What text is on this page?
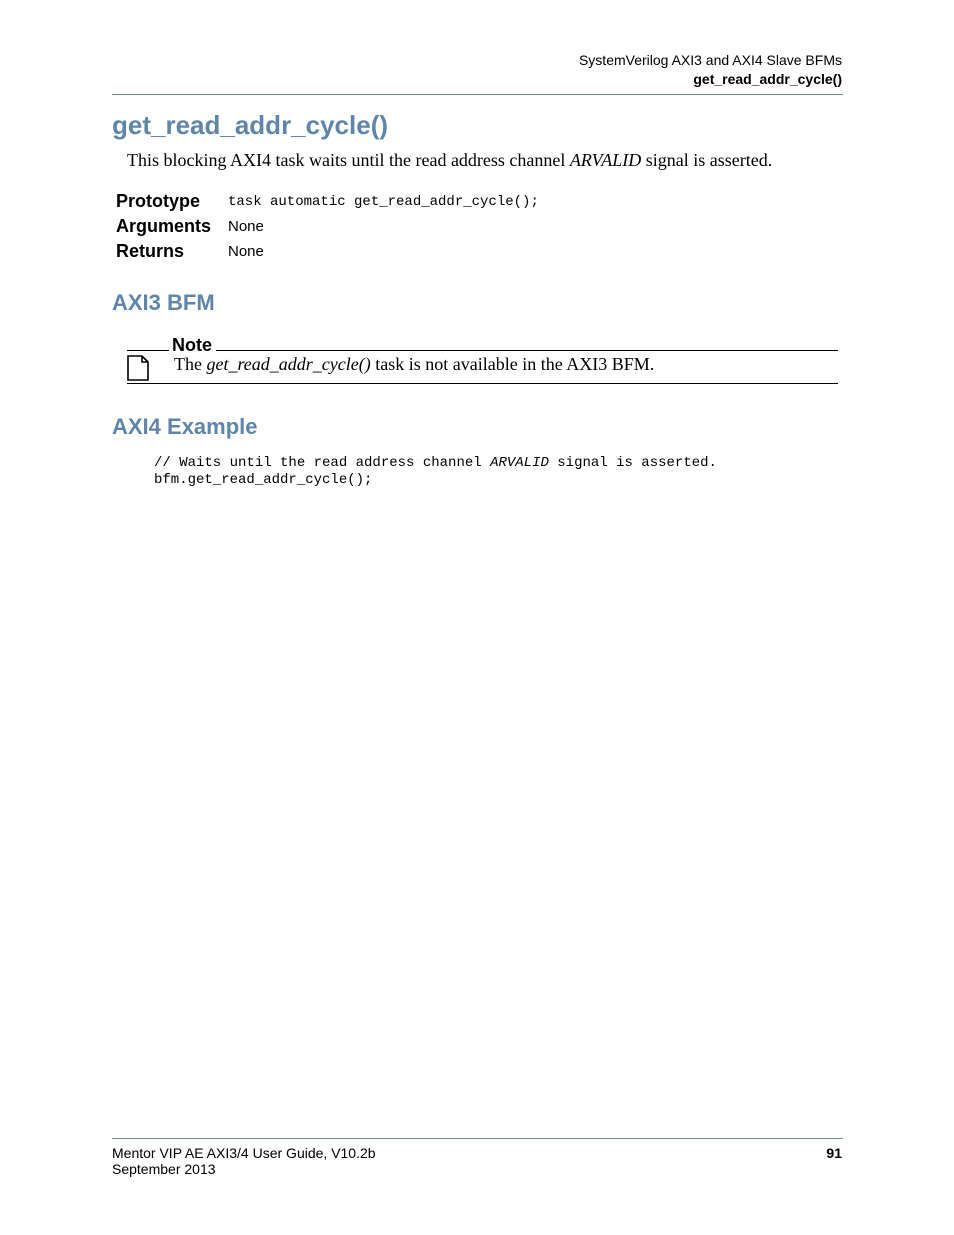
SystemVerilog AXI3 and AXI4 Slave BFMs
get_read_addr_cycle()
get_read_addr_cycle()
This blocking AXI4 task waits until the read address channel ARVALID signal is asserted.
Prototype task automatic get_read_addr_cycle();
Arguments None
Returns	None
AXI3 BFM
Note
The get_read_addr_cycle() task is not available in the AXI3 BFM.
AXI4 Example
// Waits until the read address channel ARVALID signal is asserted.
bfm.get_read_addr_cycle();
Mentor VIP AE AXI3/4 User Guide, V10.2b
September 2013
91
